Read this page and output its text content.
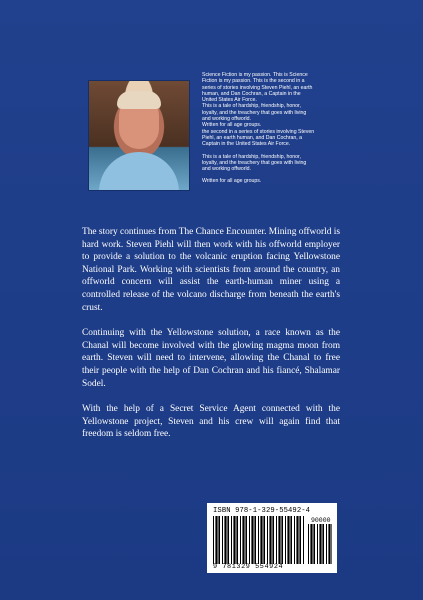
Science Fiction is my passion. This is Science

Fiction is my passion. This is the second in a

series of stories involving Steven Piehl, an earth

human, and Dan Cochran, a Captain in the

United States Air Force.

This is a tale of hardship, friendship, honor,

loyalty, and the treachery that goes with living

and working offworld.

Written for all age groups.

the second in a series of stories involving Steven

Piehl, an earth human, and Dan Cochran, a

Captain in the United States Air Force.

This is a tale of hardship, friendship, honor,

loyalty, and the treachery that goes with living

and working offworld.

Written for all age groups.

The story continues from The Chance Encounter. Mining offworld is hard work. Steven Piehl will then work with his offworld employer to provide a solution to the volcanic eruption facing Yellowstone National Park. Working with scientists from around the country, an offworld concern will assist the earth-human miner using a controlled release of the volcano discharge from beneath the earth's crust.

Continuing with the Yellowstone solution, a race known as the Chanal will become involved with the glowing magma moon from earth. Steven will need to intervene, allowing the Chanal to free their people with the help of Dan Cochran and his fiancé, Shalamar Sodel.

With the help of a Secret Service Agent connected with the Yellowstone project, Steven and his crew will again find that freedom is seldom free.

ISBN 978-1-329-55492-4
90000
9 781329 554924
